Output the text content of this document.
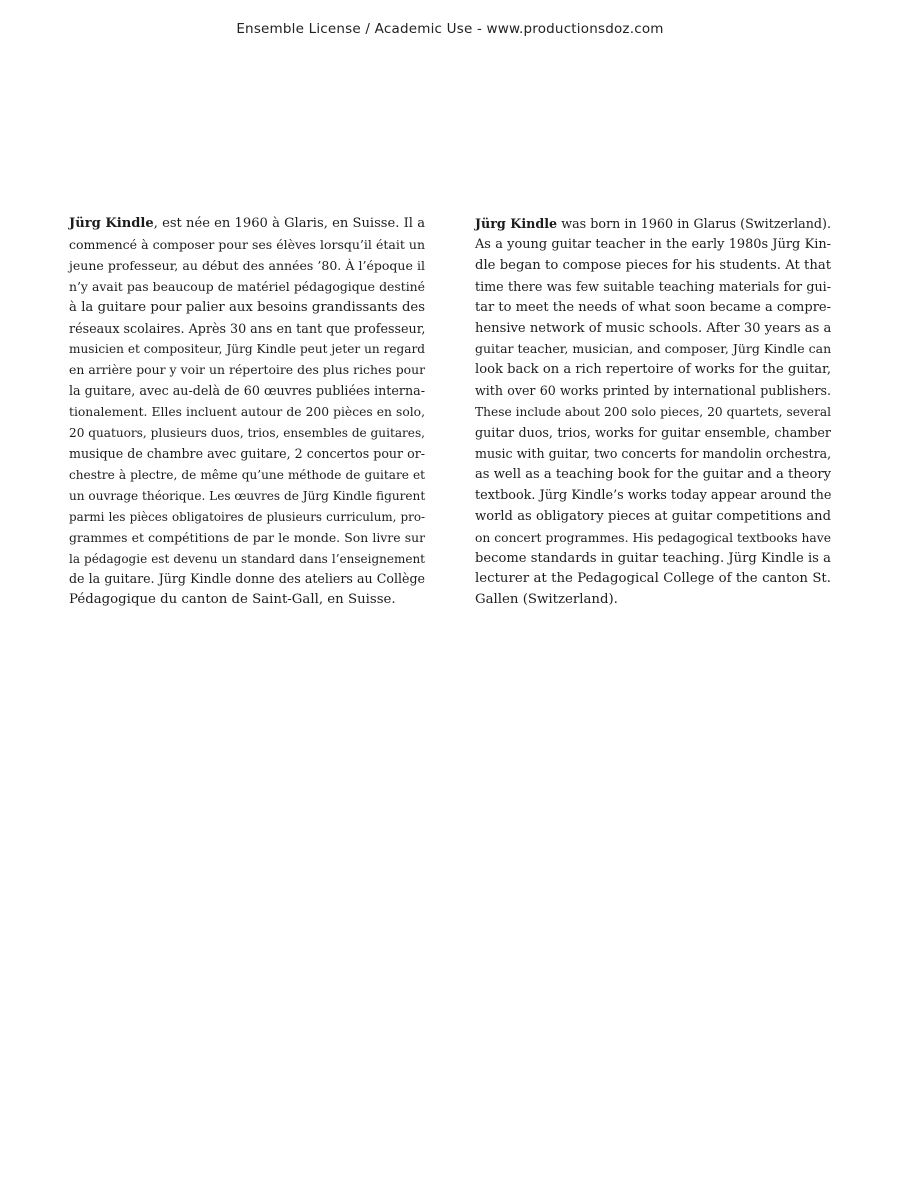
Ensemble License / Academic Use - www.productionsdoz.com
Jürg Kindle, est née en 1960 à Glaris, en Suisse. Il a
commencé à composer pour ses élèves lorsqu’il était un
jeune professeur, au début des années ’80. À l’époque il
n’y avait pas beaucoup de matériel pédagogique destiné
à la guitare pour palier aux besoins grandissants des
réseaux scolaires. Après 30 ans en tant que professeur,
musicien et compositeur, Jürg Kindle peut jeter un regard
en arrière pour y voir un répertoire des plus riches pour
la guitare, avec au-delà de 60 œuvres publiées interna-
tionalement. Elles incluent autour de 200 pièces en solo,
20 quatuors, plusieurs duos, trios, ensembles de guitares,
musique de chambre avec guitare, 2 concertos pour or-
chestre à plectre, de même qu’une méthode de guitare et
un ouvrage théorique. Les œuvres de Jürg Kindle figurent
parmi les pièces obligatoires de plusieurs curriculum, pro-
grammes et compétitions de par le monde. Son livre sur
la pédagogie est devenu un standard dans l’enseignement
de la guitare. Jürg Kindle donne des ateliers au Collège
Pédagogique du canton de Saint-Gall, en Suisse.
Jürg Kindle was born in 1960 in Glarus (Switzerland).
As a young guitar teacher in the early 1980s Jürg Kin-
dle began to compose pieces for his students. At that
time there was few suitable teaching materials for gui-
tar to meet the needs of what soon became a compre-
hensive network of music schools. After 30 years as a
guitar teacher, musician, and composer, Jürg Kindle can
look back on a rich repertoire of works for the guitar,
with over 60 works printed by international publishers.
These include about 200 solo pieces, 20 quartets, several
guitar duos, trios, works for guitar ensemble, chamber
music with guitar, two concerts for mandolin orchestra,
as well as a teaching book for the guitar and a theory
textbook. Jürg Kindle’s works today appear around the
world as obligatory pieces at guitar competitions and
on concert programmes. His pedagogical textbooks have
become standards in guitar teaching. Jürg Kindle is a
lecturer at the Pedagogical College of the canton St.
Gallen (Switzerland).
